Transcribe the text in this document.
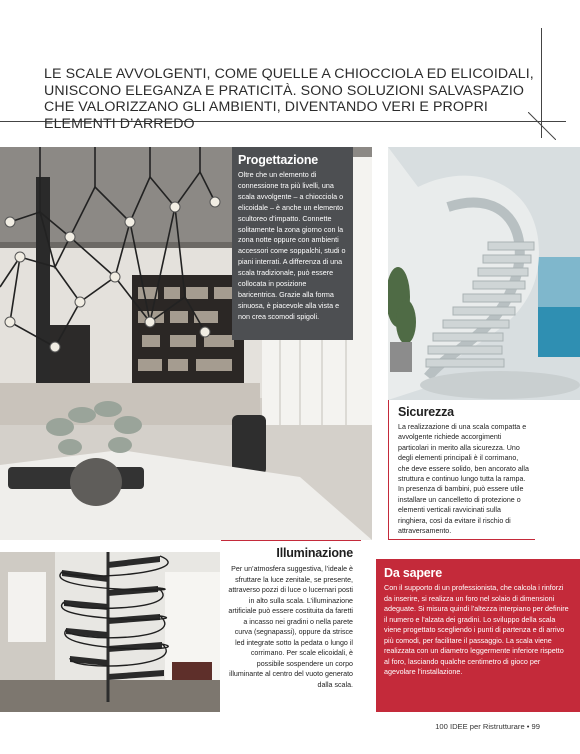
LE SCALE AVVOLGENTI, COME QUELLE A CHIOCCIOLA ED ELICOIDALI, UNISCONO ELEGANZA E PRATICITÀ. SONO SOLUZIONI SALVASPAZIO CHE VALORIZZANO GLI AMBIENTI, DIVENTANDO VERI E PROPRI ELEMENTI D’ARREDO
Progettazione

Oltre che un elemento di connessione tra più livelli, una scala avvolgente – a chiocciola o elicoidale – è anche un elemento scultoreo d’impatto. Connette solitamente la zona giorno con la zona notte oppure con ambienti accessori come soppalchi, studi o piani interrati. A differenza di una scala tradizionale, può essere collocata in posizione baricentrica. Grazie alla forma sinuosa, è piacevole alla vista e non crea scomodi spigoli.

Sicurezza

La realizzazione di una scala compatta e avvolgente richiede accorgimenti particolari in merito alla sicurezza. Uno degli elementi principali è il corrimano, che deve essere solido, ben ancorato alla struttura e continuo lungo tutta la rampa. In presenza di bambini, può essere utile installare un cancelletto di protezione o elementi verticali ravvicinati sulla ringhiera, così da evitare il rischio di attraversamento.

Illuminazione

Per un’atmosfera suggestiva, l’ideale è sfruttare la luce zenitale, se presente, attraverso pozzi di luce o lucernari posti in alto sulla scala. L’illuminazione artificiale può essere costituita da faretti a incasso nei gradini o nella parete curva (segnapassi), oppure da strisce led integrate sotto la pedata o lungo il corrimano. Per scale elicoidali, è possibile sospendere un corpo illuminante al centro del vuoto generato dalla scala.

Da sapere

Con il supporto di un professionista, che calcola i rinforzi da inserire, si realizza un foro nel solaio di dimensioni adeguate. Si misura quindi l’altezza interpiano per definire il numero e l’alzata dei gradini. Lo sviluppo della scala viene progettato scegliendo i punti di partenza e di arrivo più comodi, per facilitare il passaggio. La scala viene realizzata con un diametro leggermente inferiore rispetto al foro, lasciando qualche centimetro di gioco per agevolare l’installazione.

100 IDEE per Ristrutturare • 99
